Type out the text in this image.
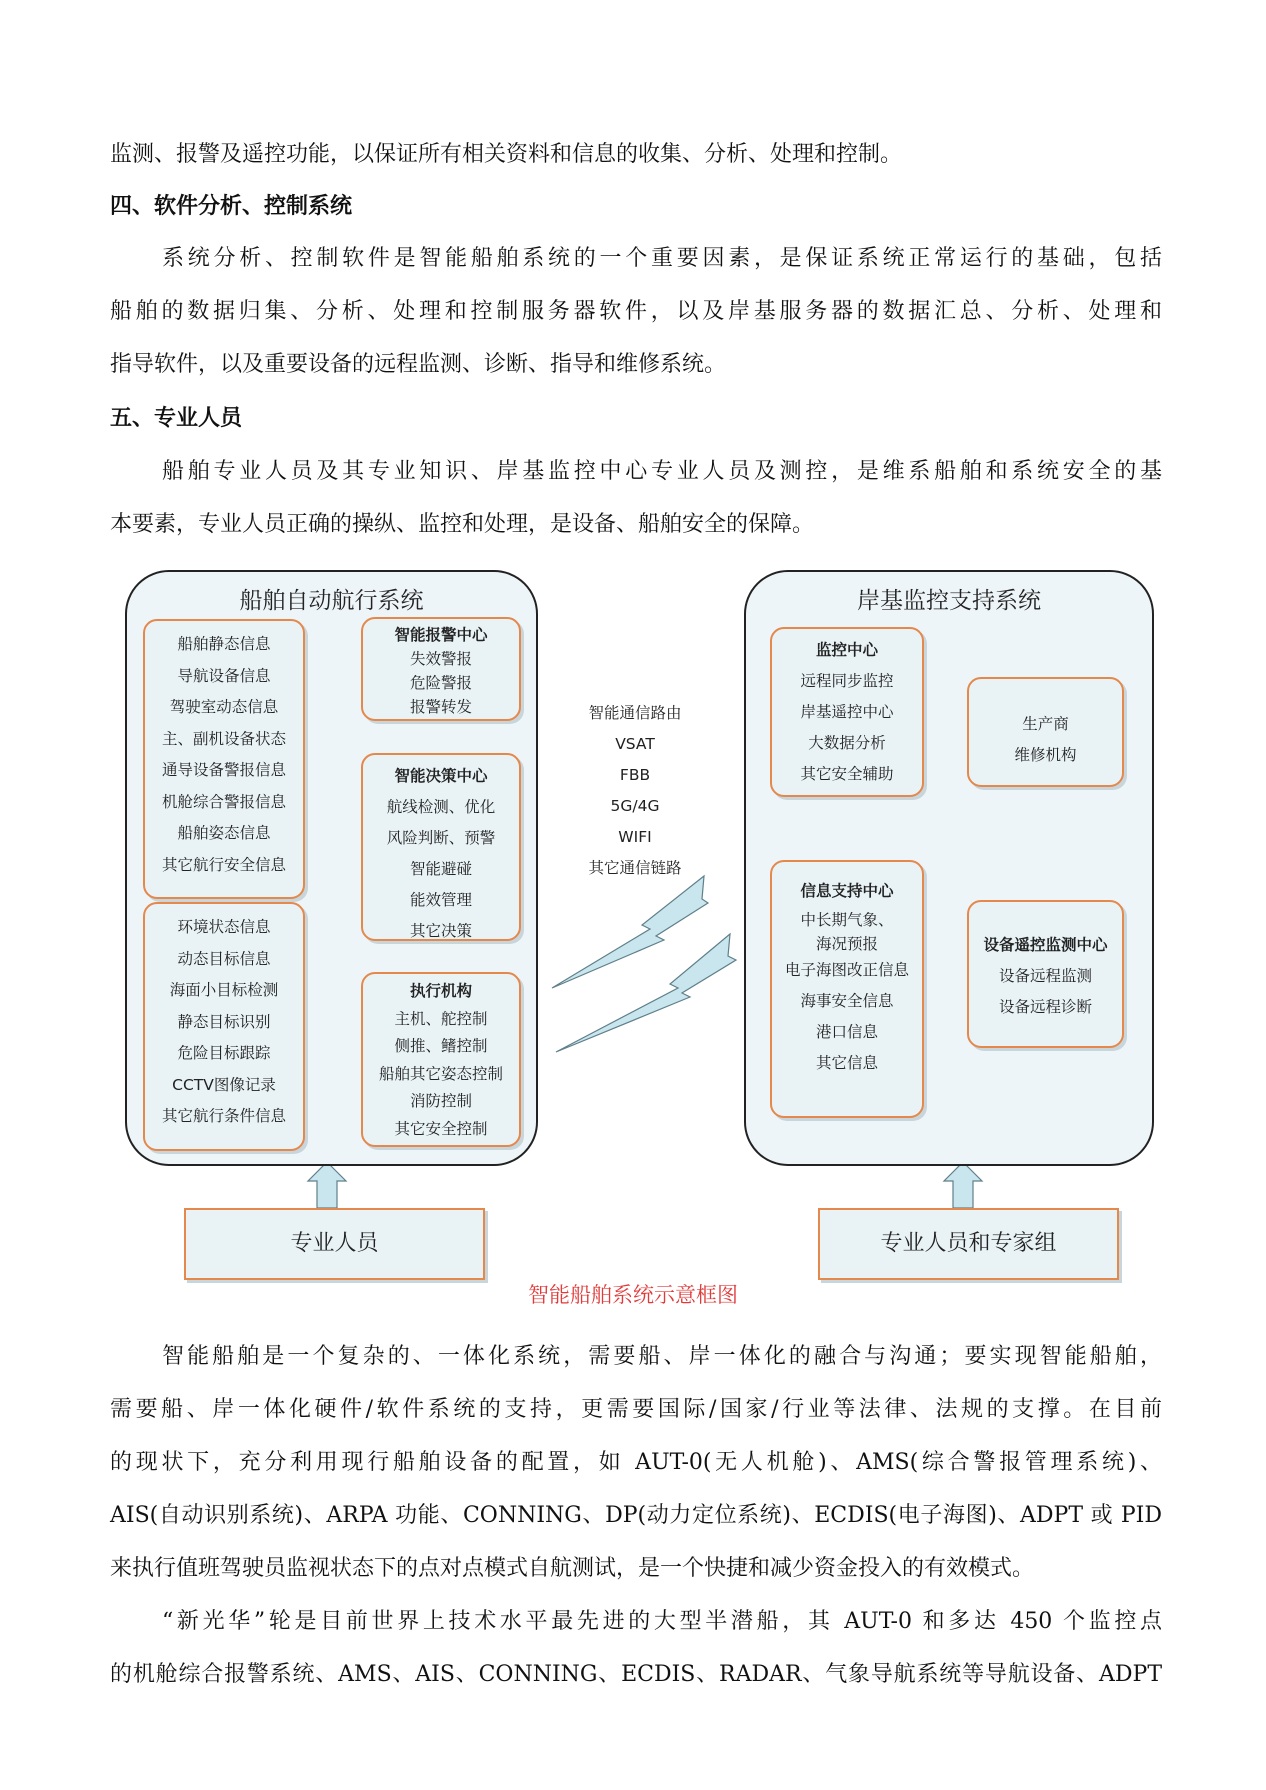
监测、报警及遥控功能，以保证所有相关资料和信息的收集、分析、处理和控制。

四、软件分析、控制系统

系统分析、控制软件是智能船舶系统的一个重要因素，是保证系统正常运行的基础，包括
船舶的数据归集、分析、处理和控制服务器软件，以及岸基服务器的数据汇总、分析、处理和
指导软件，以及重要设备的远程监测、诊断、指导和维修系统。

五、专业人员

船舶专业人员及其专业知识、岸基监控中心专业人员及测控，是维系船舶和系统安全的基
本要素，专业人员正确的操纵、监控和处理，是设备、船舶安全的保障。
船舶自动航行系统
船舶静态信息
导航设备信息
驾驶室动态信息
主、副机设备状态
通导设备警报信息
机舱综合警报信息
船舶姿态信息
其它航行安全信息
环境状态信息
动态目标信息
海面小目标检测
静态目标识别
危险目标跟踪
CCTV图像记录
其它航行条件信息
智能报警中心
失效警报
危险警报
报警转发
智能决策中心
航线检测、优化
风险判断、预警
智能避碰
能效管理
其它决策
执行机构
主机、舵控制
侧推、鳍控制
船舶其它姿态控制
消防控制
其它安全控制
智能通信路由
VSAT
FBB
5G/4G
WIFI
其它通信链路
岸基监控支持系统
监控中心
远程同步监控
岸基遥控中心
大数据分析
其它安全辅助
生产商
维修机构
信息支持中心
中长期气象、
海况预报
电子海图改正信息
海事安全信息
港口信息
其它信息
设备遥控监测中心
设备远程监测
设备远程诊断
专业人员	专业人员和专家组
智能船舶系统示意框图
智能船舶是一个复杂的、一体化系统，需要船、岸一体化的融合与沟通；要实现智能船舶，
需要船、岸一体化硬件/软件系统的支持，更需要国际/国家/行业等法律、法规的支撑。在目前
的现状下，充分利用现行船舶设备的配置，如 AUT-0(无人机舱)、AMS(综合警报管理系统)、
AIS(自动识别系统)、ARPA 功能、CONNING、DP(动力定位系统)、ECDIS(电子海图)、ADPT 或 PID
来执行值班驾驶员监视状态下的点对点模式自航测试，是一个快捷和减少资金投入的有效模式。
“新光华”轮是目前世界上技术水平最先进的大型半潜船，其 AUT-0 和多达 450 个监控点
的机舱综合报警系统、AMS、AIS、CONNING、ECDIS、RADAR、气象导航系统等导航设备、ADPT
